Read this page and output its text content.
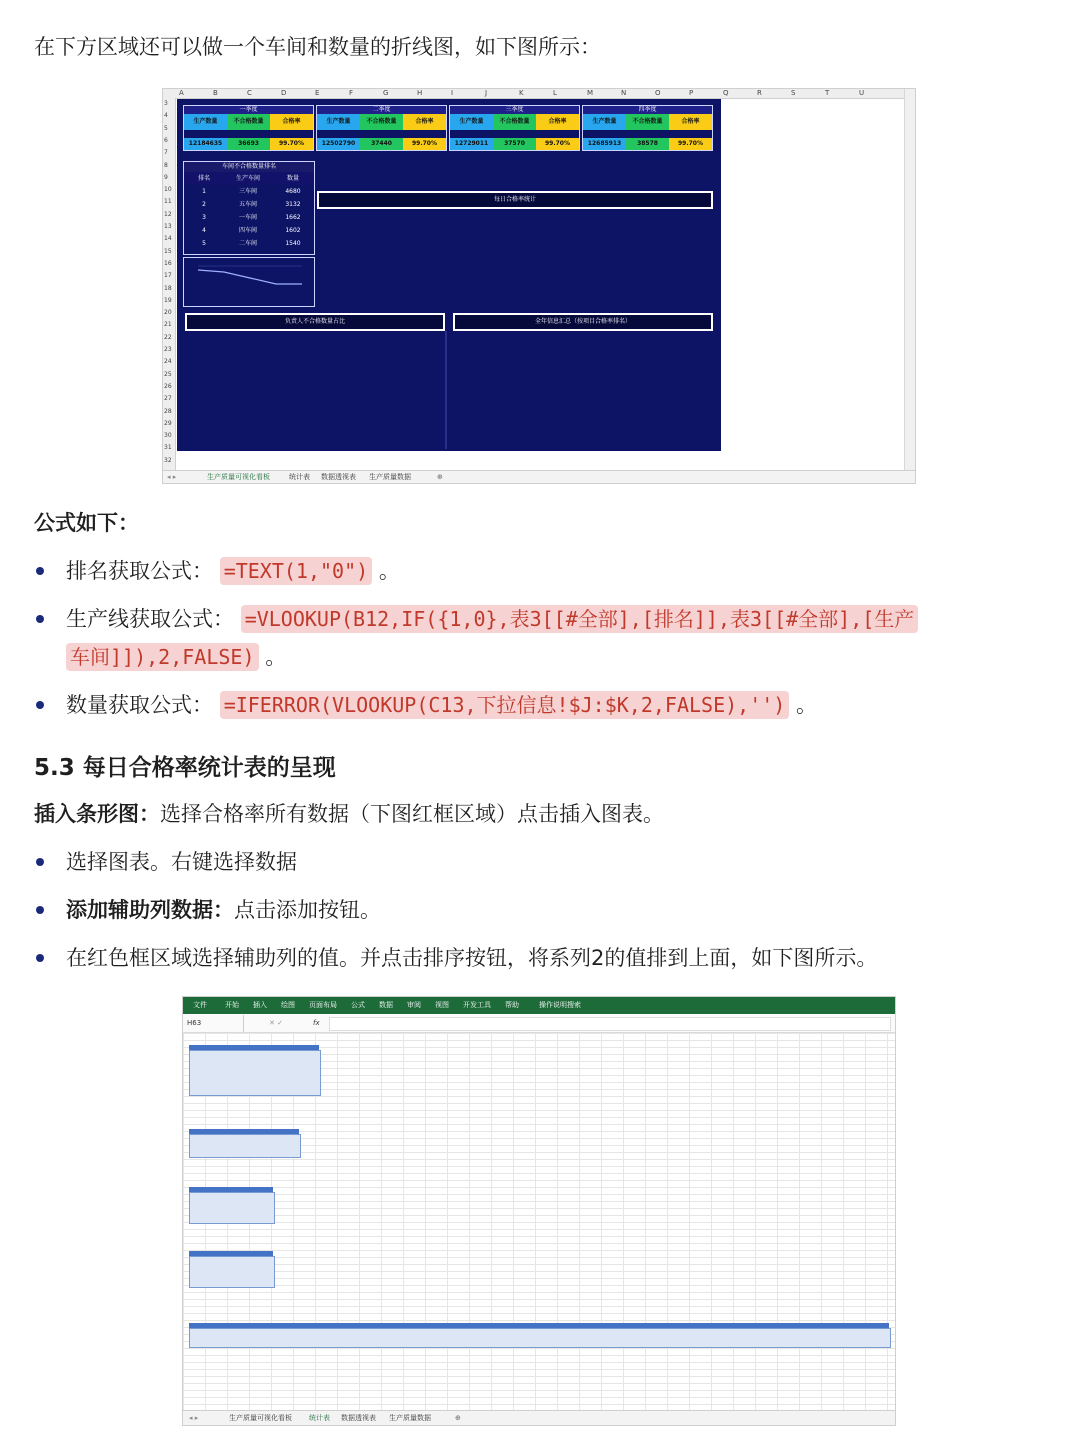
在下方区域还可以做一个车间和数量的折线图，如下图所示：
A	B	C	D	E	F	G	H	I	J	K	L	M	N	O	P	Q	R	S	T	U
3
4
5
6
7
8
9
10
11
12
13
14
15
16
17
18
19
20
21
22
23
24
25
26
27
28
29
30
31
32
一季度
生产数量	不合格数量	合格率
12184635	36693	99.70%
二季度
生产数量	不合格数量	合格率
12502790	37440	99.70%
三季度
生产数量	不合格数量	合格率
12729011	37570	99.70%
四季度
生产数量	不合格数量	合格率
12685913	38578	99.70%
车间不合格数量排名
排名	生产车间	数量
1	三车间	4680
2	五车间	3132
3	一车间	1662
4	四车间	1602
5	二车间	1540
每日合格率统计
负责人不合格数量占比	全年信息汇总（按项目合格率排名）
◂ ▸	生产质量可视化看板	统计表 数据透视表 生产质量数据	⊕
公式如下：
排名获取公式： =TEXT(1,"0") 。
生产线获取公式： =VLOOKUP(B12,IF({1,0},表3[[#全部],[排名]],表3[[#全部],[生产
车间]]),2,FALSE) 。
数量获取公式： =IFERROR(VLOOKUP(C13,下拉信息!$J:$K,2,FALSE),'') 。
5.3 每日合格率统计表的呈现
插入条形图：选择合格率所有数据（下图红框区域）点击插入图表。
选择图表。右键选择数据
添加辅助列数据：点击添加按钮。
在红色框区域选择辅助列的值。并点击排序按钮，将系列2的值排到上面，如下图所示。
文件	开始 插入 绘图 页面布局 公式 数据 审阅 视图 开发工具 帮助	操作说明搜索
H63	✕ ✓	fx
◂ ▸	生产质量可视化看板 统计表 数据透视表 生产质量数据	⊕
